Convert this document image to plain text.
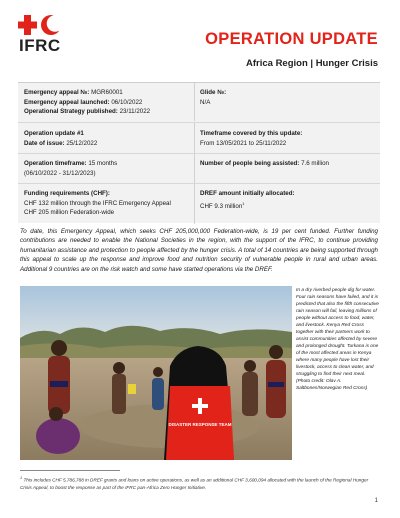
IFRC	OPERATION UPDATE
Africa Region | Hunger Crisis
Emergency appeal №: MGR60001
Emergency appeal launched: 06/10/2022
Operational Strategy published: 23/11/2022
Glide №:
N/A
Operation update #1
Date of issue: 25/12/2022
Timeframe covered by this update:
From 13/05/2021 to 25/11/2022
Operation timeframe: 15 months
(06/10/2022 - 31/12/2023)
Number of people being assisted: 7.6 million
Funding requirements (CHF):
CHF 132 million through the IFRC Emergency Appeal
CHF 205 million Federation-wide
DREF amount initially allocated:
CHF 9.3 million$^1$
To date, this Emergency Appeal, which seeks CHF 205,000,000 Federation-wide, is 19 per cent funded. Further funding contributions are needed to enable the National Societies in the region, with the support of the IFRC, to continue providing humanitarian assistance and protection to people affected by the hunger crisis. A total of 14 countries are being supported through this appeal to scale up the response and improve food and nutrition security of vulnerable people in rural and urban areas. Additional 9 countries are on the risk watch and some have started operations via the DREF.
DISASTER RESPONSE TEAM
In a dry riverbed people dig for water. Four rain seasons have failed, and it is predicted that also the fifth consecutive rain season will fail, leaving millions of people without access to food, water, and livestock. Kenya Red Cross together with their partners work to assist communities affected by severe and prolonged drought. Turkana is one of the most affected areas in Kenya where many people have lost their livestock, access to clean water, and struggling to find their next meal. (Photo credit: Olav A. Saltbones/Norwegian Red Cross)
$^1$ This includes CHF 5,786,788 in DREF grants and loans on active operations, as well as an additional CHF 3,600,094 allocated with the launch of the Regional Hunger Crisis Appeal, to boost the response as part of the IFRC pan-Africa Zero Hunger Initiative.
1
